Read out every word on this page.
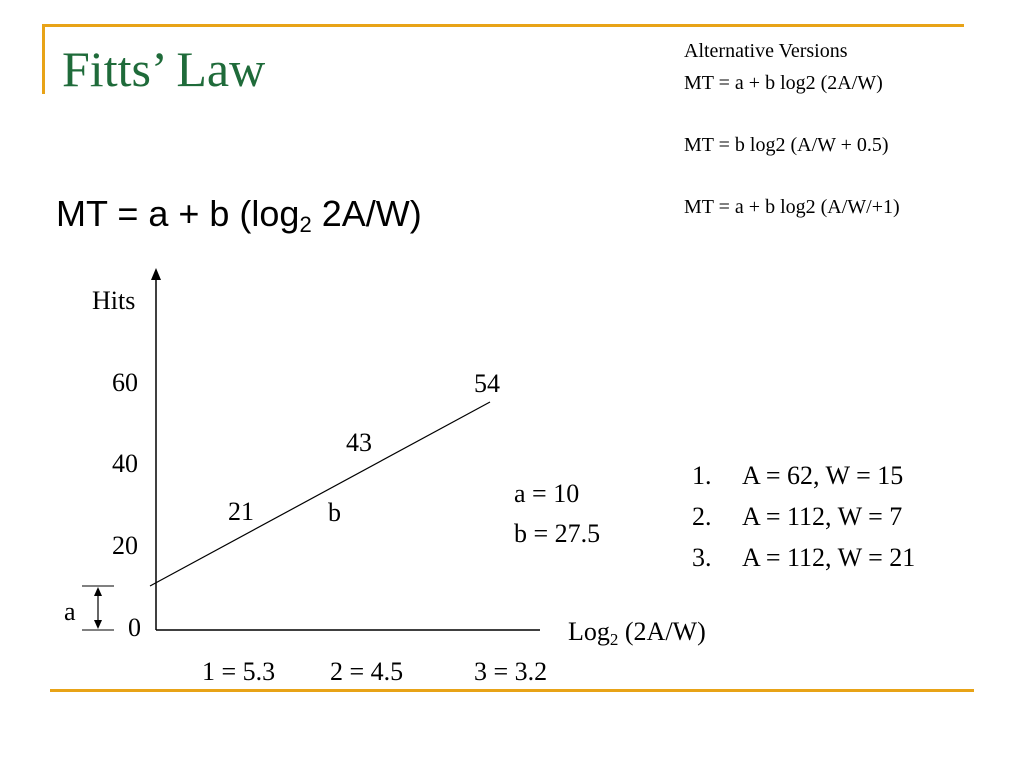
Fitts’ Law	Alternative Versions
MT = a + b log2 (2A/W)
MT = b log2 (A/W + 0.5)
MT = a + b log2 (A/W/+1)
MT = a + b ($\log_2$ 2A/W)
Hits
60
40
20
0
a
21
43
54
b
Log$_2$ (2A/W)
1 = 5.3 2 = 4.5	3 = 3.2
a = 10
b = 27.5
1. A = 62, W = 15
2. A = 112, W = 7
3. A = 112, W = 21
